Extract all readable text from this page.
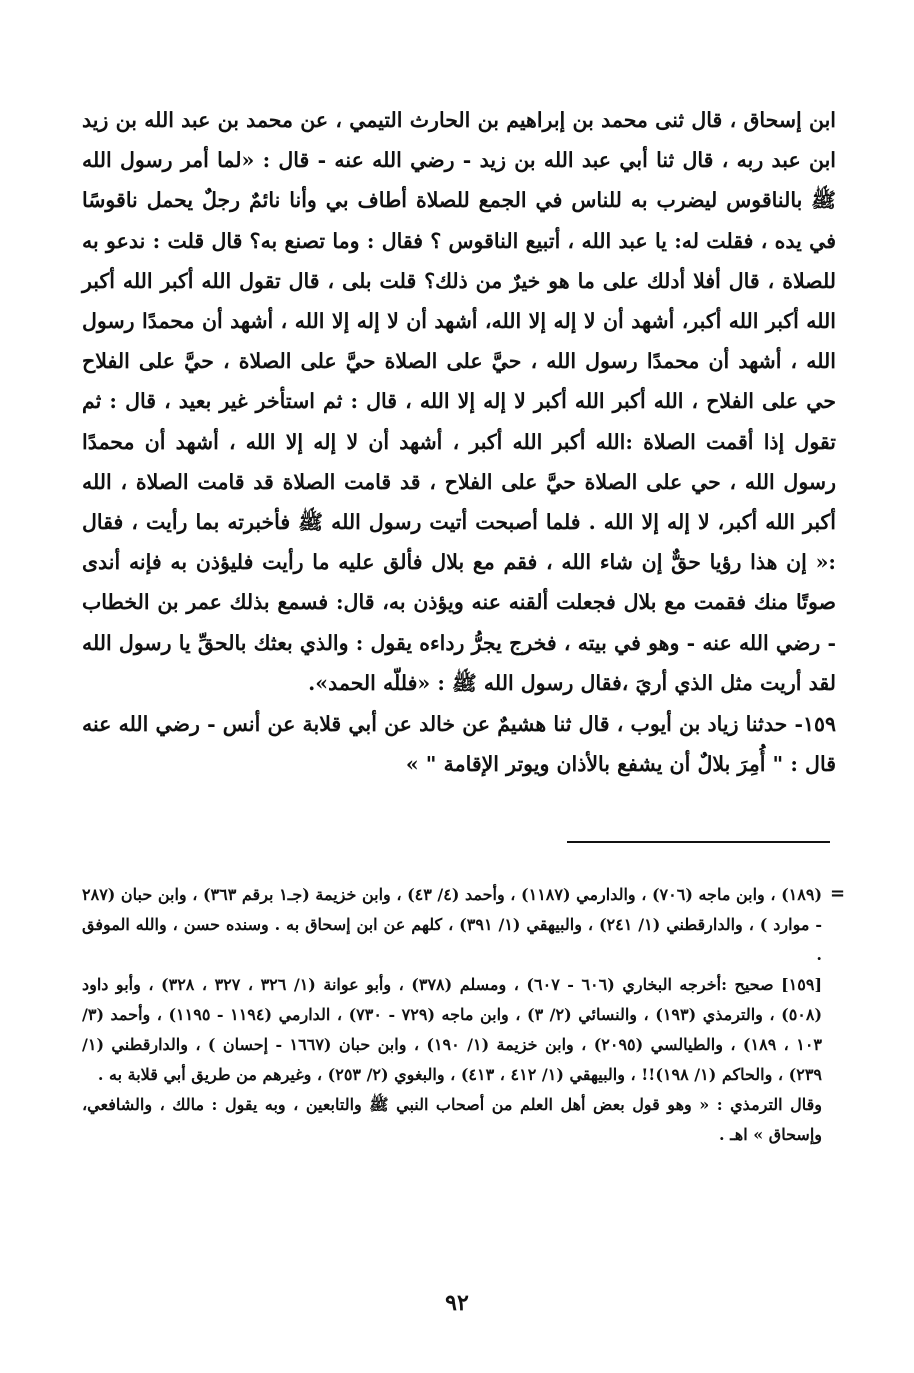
ابن إسحاق ، قال ثنى محمد بن إبراهيم بن الحارث التيمي ، عن محمد بن عبد الله بن زيد ابن عبد ربه ، قال ثنا أبي عبد الله بن زيد - رضي الله عنه - قال : «لما أمر رسول الله ﷺ بالناقوس ليضرب به للناس في الجمع للصلاة أطاف بي وأنا نائمٌ رجلٌ يحمل ناقوسًا في يده ، فقلت له: يا عبد الله ، أتبيع الناقوس ؟ فقال : وما تصنع به؟ قال قلت : ندعو به للصلاة ، قال أفلا أدلك على ما هو خيرٌ من ذلك؟ قلت بلى ، قال تقول الله أكبر الله أكبر الله أكبر الله أكبر، أشهد أن لا إله إلا الله، أشهد أن لا إله إلا الله ، أشهد أن محمدًا رسول الله ، أشهد أن محمدًا رسول الله ، حيَّ على الصلاة حيَّ على الصلاة ، حيَّ على الفلاح حي على الفلاح ، الله أكبر الله أكبر لا إله إلا الله ، قال : ثم استأخر غير بعيد ، قال : ثم تقول إذا أقمت الصلاة :الله أكبر الله أكبر ، أشهد أن لا إله إلا الله ، أشهد أن محمدًا رسول الله ، حي على الصلاة حيَّ على الفلاح ، قد قامت الصلاة قد قامت الصلاة ، الله أكبر الله أكبر، لا إله إلا الله . فلما أصبحت أتيت رسول الله ﷺ فأخبرته بما رأيت ، فقال :« إن هذا رؤيا حقٌّ إن شاء الله ، فقم مع بلال فألق عليه ما رأيت فليؤذن به فإنه أندى صوتًا منك فقمت مع بلال فجعلت ألقنه عنه ويؤذن به، قال: فسمع بذلك عمر بن الخطاب - رضي الله عنه - وهو في بيته ، فخرج يجرُّ رداءه يقول : والذي بعثك بالحقِّ يا رسول الله لقد أريت مثل الذي أريَ ،فقال رسول الله ﷺ : «فللّه الحمد».

١٥٩- حدثنا زياد بن أيوب ، قال ثنا هشيمٌ عن خالد عن أبي قلابة عن أنس - رضي الله عنه قال : " أُمِرَ بلالٌ أن يشفع بالأذان ويوتر الإقامة " »

=

(١٨٩) ، وابن ماجه (٧٠٦) ، والدارمي (١١٨٧) ، وأحمد (٤/ ٤٣) ، وابن خزيمة (جـ١ برقم ٣٦٣) ، وابن حبان (٢٨٧ - موارد ) ، والدارقطني (١/ ٢٤١) ، والبيهقي (١/ ٣٩١) ، كلهم عن ابن إسحاق به . وسنده حسن ، والله الموفق .

[١٥٩] صحيح :أخرجه البخاري (٦٠٦ - ٦٠٧) ، ومسلم (٣٧٨) ، وأبو عوانة (١/ ٣٢٦ ، ٣٢٧ ، ٣٢٨) ، وأبو داود (٥٠٨) ، والترمذي (١٩٣) ، والنسائي (٢/ ٣) ، وابن ماجه (٧٢٩ - ٧٣٠) ، الدارمي (١١٩٤ - ١١٩٥) ، وأحمد (٣/ ١٠٣ ، ١٨٩) ، والطيالسي (٢٠٩٥) ، وابن خزيمة (١/ ١٩٠) ، وابن حبان (١٦٦٧ - إحسان ) ، والدارقطني (١/ ٢٣٩) ، والحاكم (١/ ١٩٨)!! ، والبيهقي (١/ ٤١٢ ، ٤١٣) ، والبغوي (٢/ ٢٥٣) ، وغيرهم من طريق أبي قلابة به .

وقال الترمذي : « وهو قول بعض أهل العلم من أصحاب النبي ﷺ والتابعين ، وبه يقول : مالك ، والشافعي، وإسحاق » اهـ .

٩٢
